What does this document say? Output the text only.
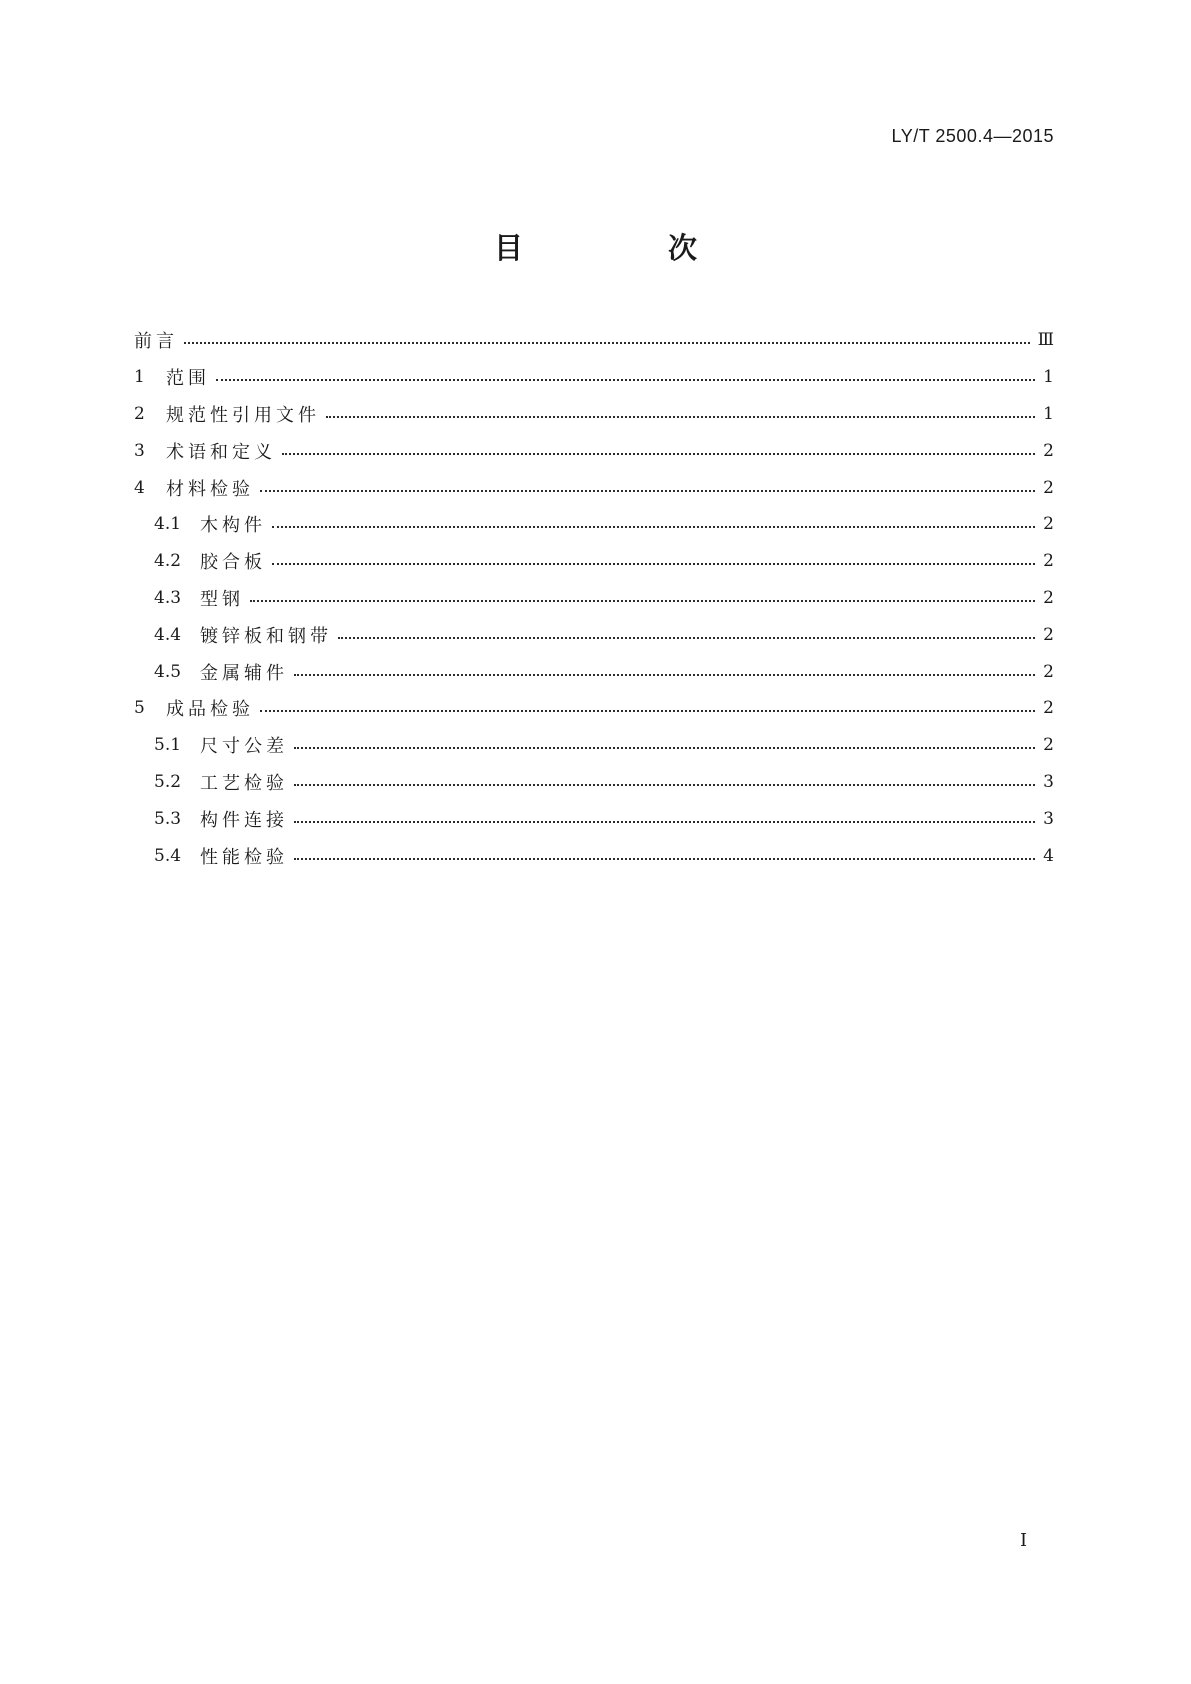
LY/T 2500.4—2015
目　次
前言	Ⅲ
1	范围	1
2	规范性引用文件	1
3	术语和定义	2
4	材料检验	2
4.1	木构件	2
4.2	胶合板	2
4.3	型钢	2
4.4	镀锌板和钢带	2
4.5	金属辅件	2
5	成品检验	2
5.1	尺寸公差	2
5.2	工艺检验	3
5.3	构件连接	3
5.4	性能检验	4
I
